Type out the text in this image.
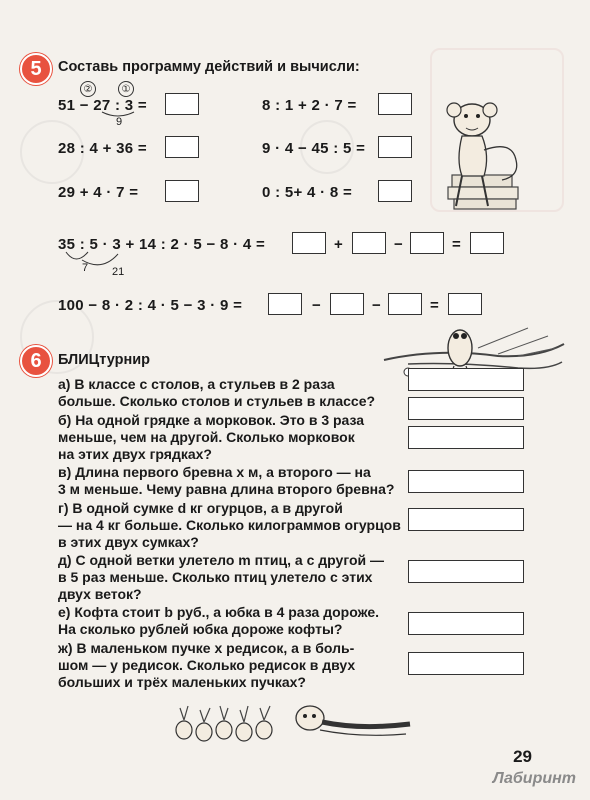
5	Составь программу действий и вычисли:
②	①
51 − 27 : 3 =
9
28 : 4 + 36 =
29 + 4 · 7 =
8 : 1 + 2 · 7 =
9 · 4 − 45 : 5 =
0 : 5+ 4 · 8 =
35 : 5 · 3 + 14 : 2 · 5 − 8 · 4 =
7 21
+	−	=
100 − 8 · 2 : 4 · 5 − 3 · 9 =	−	−	=
6	БЛИЦтурнир
а) В классе с столов, а стульев в 2 раза
больше. Сколько столов и стульев в классе?
б) На одной грядке а морковок. Это в 3 раза
меньше, чем на другой. Сколько морковок
на этих двух грядках?
в) Длина первого бревна х м, а второго — на
3 м меньше. Чему равна длина второго бревна?
г) В одной сумке d кг огурцов, а в другой
— на 4 кг больше. Сколько килограммов огурцов
в этих двух сумках?
д) С одной ветки улетело m птиц, а с другой —
в 5 раз меньше. Сколько птиц улетело с этих
двух веток?
е) Кофта стоит b руб., а юбка в 4 раза дороже.
На сколько рублей юбка дороже кофты?
ж) В маленьком пучке х редисок, а в боль-
шом — у редисок. Сколько редисок в двух
больших и трёх маленьких пучках?
29
Лабиринт
